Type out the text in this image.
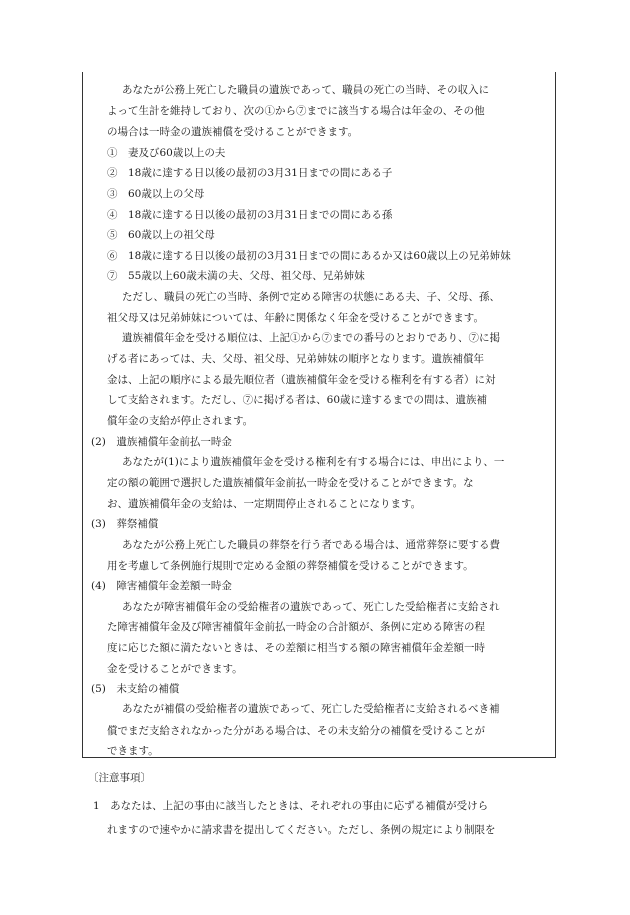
あなたが公務上死亡した職員の遺族であって、職員の死亡の当時、その収入に
よって生計を維持しており、次の①から⑦までに該当する場合は年金の、その他
の場合は一時金の遺族補償を受けることができます。
①　妻及び60歳以上の夫
②　18歳に達する日以後の最初の3月31日までの間にある子
③　60歳以上の父母
④　18歳に達する日以後の最初の3月31日までの間にある孫
⑤　60歳以上の祖父母
⑥　18歳に達する日以後の最初の3月31日までの間にあるか又は60歳以上の兄弟姉妹
⑦　55歳以上60歳未満の夫、父母、祖父母、兄弟姉妹
ただし、職員の死亡の当時、条例で定める障害の状態にある夫、子、父母、孫、
祖父母又は兄弟姉妹については、年齢に関係なく年金を受けることができます。
遺族補償年金を受ける順位は、上記①から⑦までの番号のとおりであり、⑦に掲
げる者にあっては、夫、父母、祖父母、兄弟姉妹の順序となります。遺族補償年
金は、上記の順序による最先順位者（遺族補償年金を受ける権利を有する者）に対
して支給されます。ただし、⑦に掲げる者は、60歳に達するまでの間は、遺族補
償年金の支給が停止されます。
(2)　遺族補償年金前払一時金
あなたが(1)により遺族補償年金を受ける権利を有する場合には、申出により、一
定の額の範囲で選択した遺族補償年金前払一時金を受けることができます。な
お、遺族補償年金の支給は、一定期間停止されることになります。
(3)　葬祭補償
あなたが公務上死亡した職員の葬祭を行う者である場合は、通常葬祭に要する費
用を考慮して条例施行規則で定める金額の葬祭補償を受けることができます。
(4)　障害補償年金差額一時金
あなたが障害補償年金の受給権者の遺族であって、死亡した受給権者に支給され
た障害補償年金及び障害補償年金前払一時金の合計額が、条例に定める障害の程
度に応じた額に満たないときは、その差額に相当する額の障害補償年金差額一時
金を受けることができます。
(5)　未支給の補償
あなたが補償の受給権者の遺族であって、死亡した受給権者に支給されるべき補
償でまだ支給されなかった分がある場合は、その未支給分の補償を受けることが
できます。
〔注意事項〕
1　あなたは、上記の事由に該当したときは、それぞれの事由に応ずる補償が受けら
れますので速やかに請求書を提出してください。ただし、条例の規定により制限を
